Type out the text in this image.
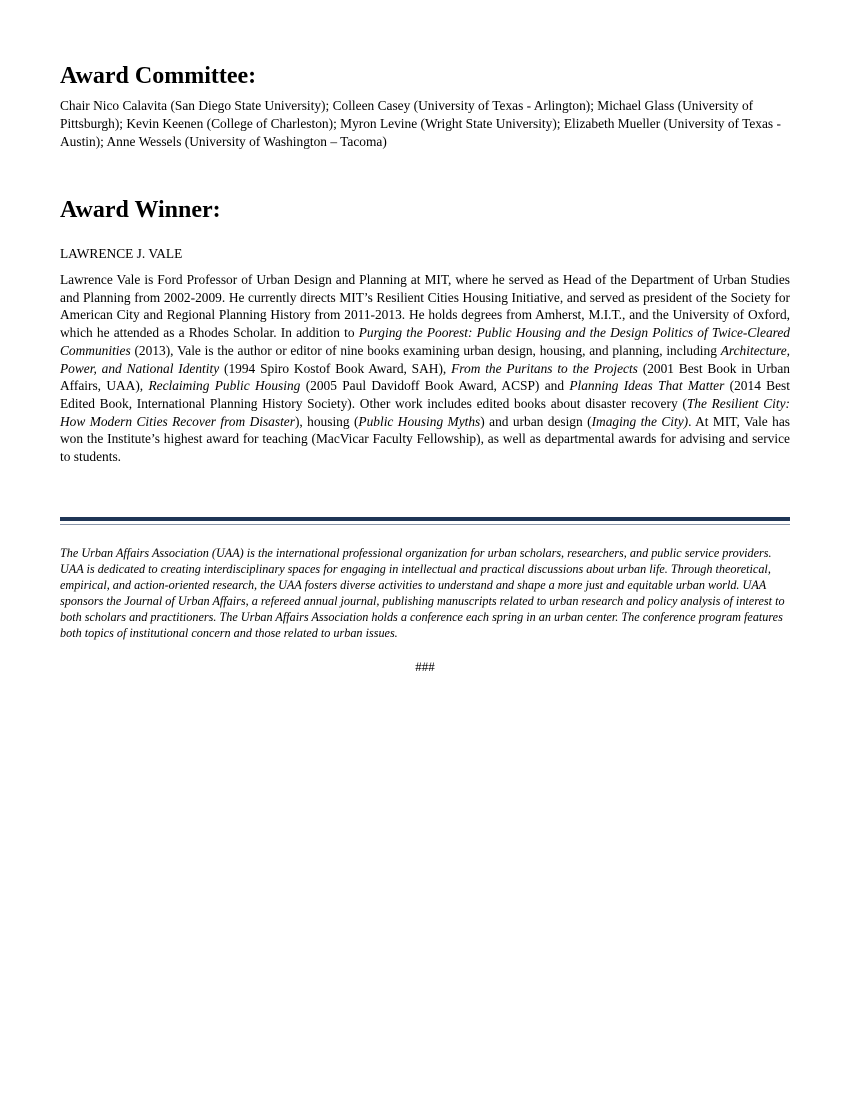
Award Committee:

Chair Nico Calavita (San Diego State University); Colleen Casey (University of Texas - Arlington); Michael Glass (University of Pittsburgh); Kevin Keenen (College of Charleston); Myron Levine (Wright State University); Elizabeth Mueller (University of Texas - Austin); Anne Wessels (University of Washington – Tacoma)

Award Winner:

LAWRENCE J. VALE

Lawrence Vale is Ford Professor of Urban Design and Planning at MIT, where he served as Head of the Department of Urban Studies and Planning from 2002-2009. He currently directs MIT’s Resilient Cities Housing Initiative, and served as president of the Society for American City and Regional Planning History from 2011-2013. He holds degrees from Amherst, M.I.T., and the University of Oxford, which he attended as a Rhodes Scholar. In addition to Purging the Poorest: Public Housing and the Design Politics of Twice-Cleared Communities (2013), Vale is the author or editor of nine books examining urban design, housing, and planning, including Architecture, Power, and National Identity (1994 Spiro Kostof Book Award, SAH), From the Puritans to the Projects (2001 Best Book in Urban Affairs, UAA), Reclaiming Public Housing (2005 Paul Davidoff Book Award, ACSP) and Planning Ideas That Matter (2014 Best Edited Book, International Planning History Society). Other work includes edited books about disaster recovery (The Resilient City: How Modern Cities Recover from Disaster), housing (Public Housing Myths) and urban design (Imaging the City). At MIT, Vale has won the Institute’s highest award for teaching (MacVicar Faculty Fellowship), as well as departmental awards for advising and service to students.

The Urban Affairs Association (UAA) is the international professional organization for urban scholars, researchers, and public service providers. UAA is dedicated to creating interdisciplinary spaces for engaging in intellectual and practical discussions about urban life. Through theoretical, empirical, and action-oriented research, the UAA fosters diverse activities to understand and shape a more just and equitable urban world. UAA sponsors the Journal of Urban Affairs, a refereed annual journal, publishing manuscripts related to urban research and policy analysis of interest to both scholars and practitioners. The Urban Affairs Association holds a conference each spring in an urban center. The conference program features both topics of institutional concern and those related to urban issues.

###
